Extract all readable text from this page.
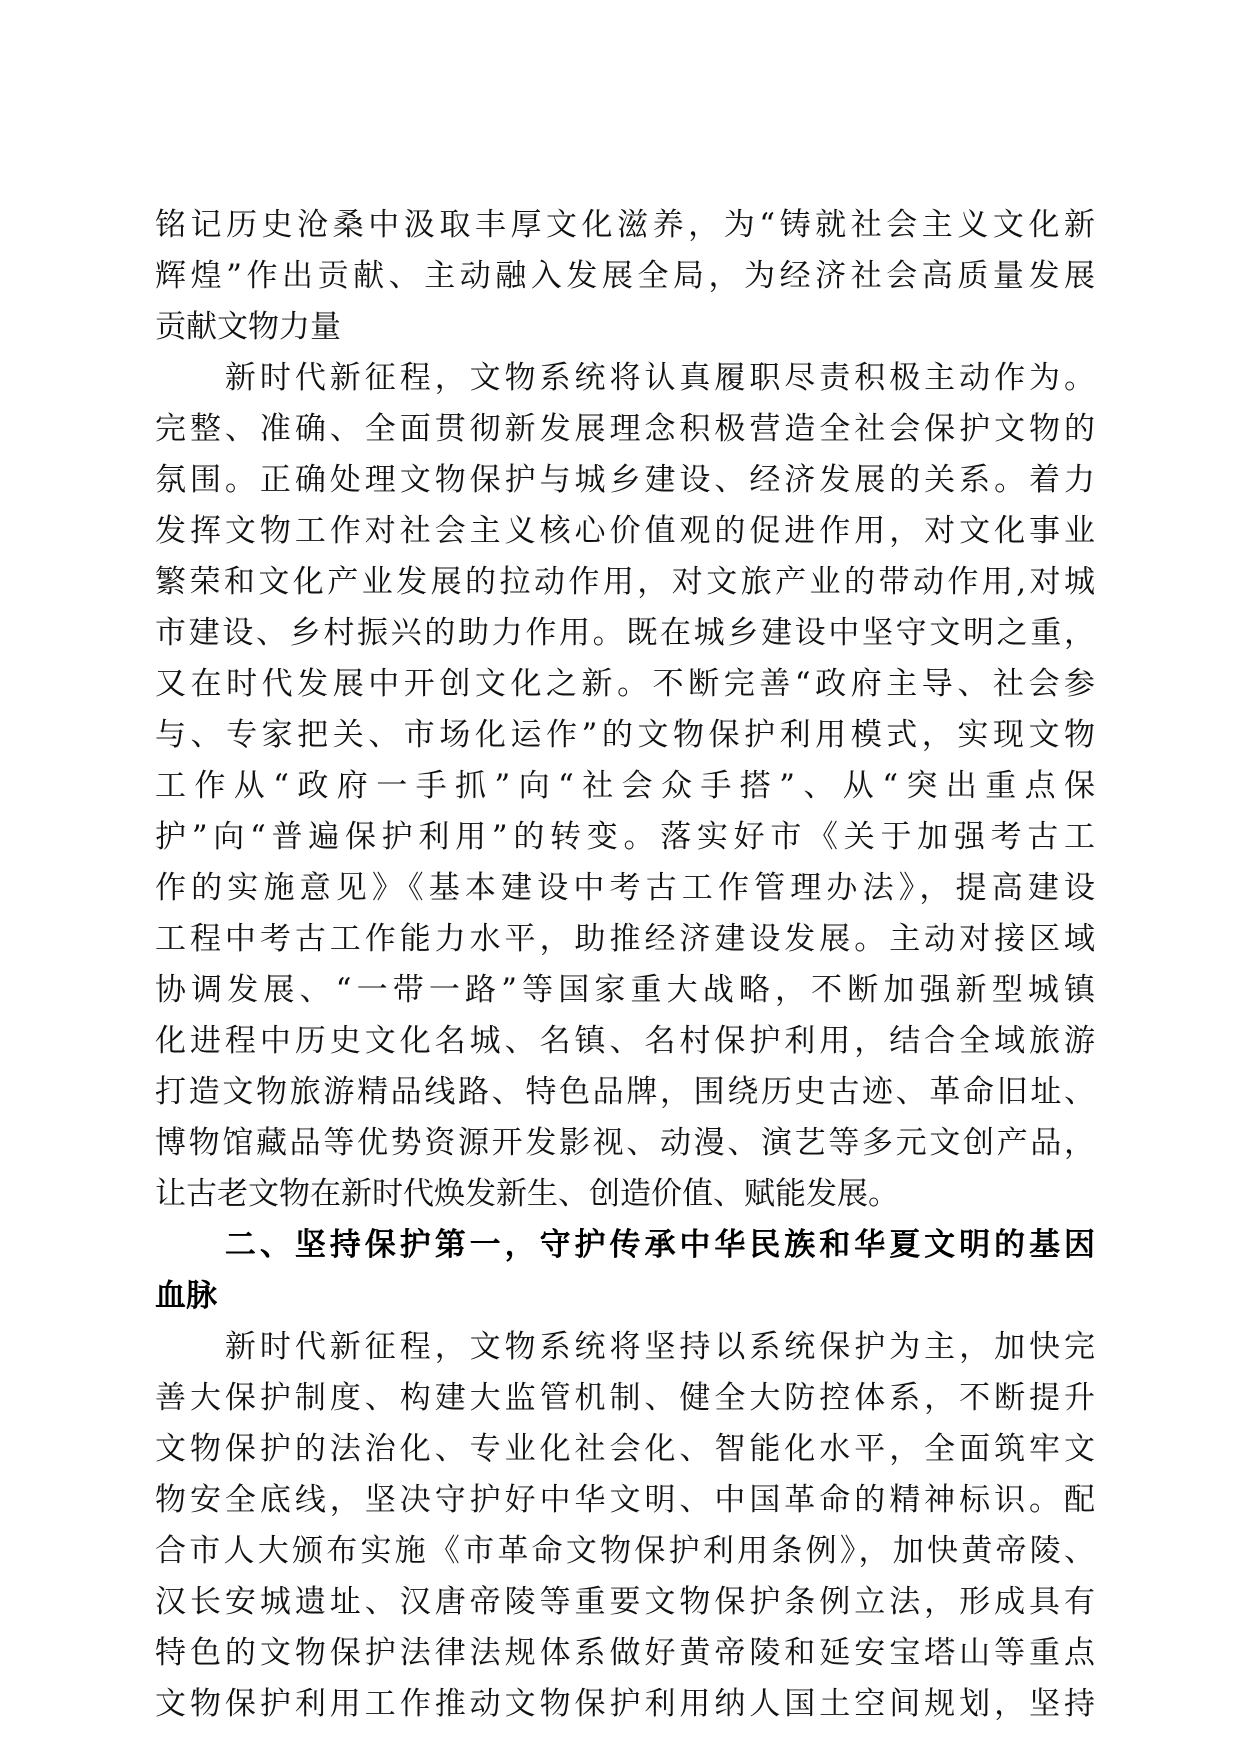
铭记历史沧桑中汲取丰厚文化滋养，为“铸就社会主义文化新
辉煌”作出贡献、主动融入发展全局，为经济社会高质量发展
贡献文物力量
　　新时代新征程，文物系统将认真履职尽责积极主动作为。
完整、准确、全面贯彻新发展理念积极营造全社会保护文物的
氛围。正确处理文物保护与城乡建设、经济发展的关系。着力
发挥文物工作对社会主义核心价值观的促进作用，对文化事业
繁荣和文化产业发展的拉动作用，对文旅产业的带动作用,对城
市建设、乡村振兴的助力作用。既在城乡建设中坚守文明之重，
又在时代发展中开创文化之新。不断完善“政府主导、社会参
与、专家把关、市场化运作”的文物保护利用模式，实现文物
工作从“政府一手抓”向“社会众手搭”、从“突出重点保
护”向“普遍保护利用”的转变。落实好市《关于加强考古工
作的实施意见》《基本建设中考古工作管理办法》，提高建设
工程中考古工作能力水平，助推经济建设发展。主动对接区域
协调发展、“一带一路”等国家重大战略，不断加强新型城镇
化进程中历史文化名城、名镇、名村保护利用，结合全域旅游
打造文物旅游精品线路、特色品牌，围绕历史古迹、革命旧址、
博物馆藏品等优势资源开发影视、动漫、演艺等多元文创产品，
让古老文物在新时代焕发新生、创造价值、赋能发展。
　　二、坚持保护第一，守护传承中华民族和华夏文明的基因
血脉
　　新时代新征程，文物系统将坚持以系统保护为主，加快完
善大保护制度、构建大监管机制、健全大防控体系，不断提升
文物保护的法治化、专业化社会化、智能化水平，全面筑牢文
物安全底线，坚决守护好中华文明、中国革命的精神标识。配
合市人大颁布实施《市革命文物保护利用条例》，加快黄帝陵、
汉长安城遗址、汉唐帝陵等重要文物保护条例立法，形成具有
特色的文物保护法律法规体系做好黄帝陵和延安宝塔山等重点
文物保护利用工作推动文物保护利用纳人国土空间规划，坚持
